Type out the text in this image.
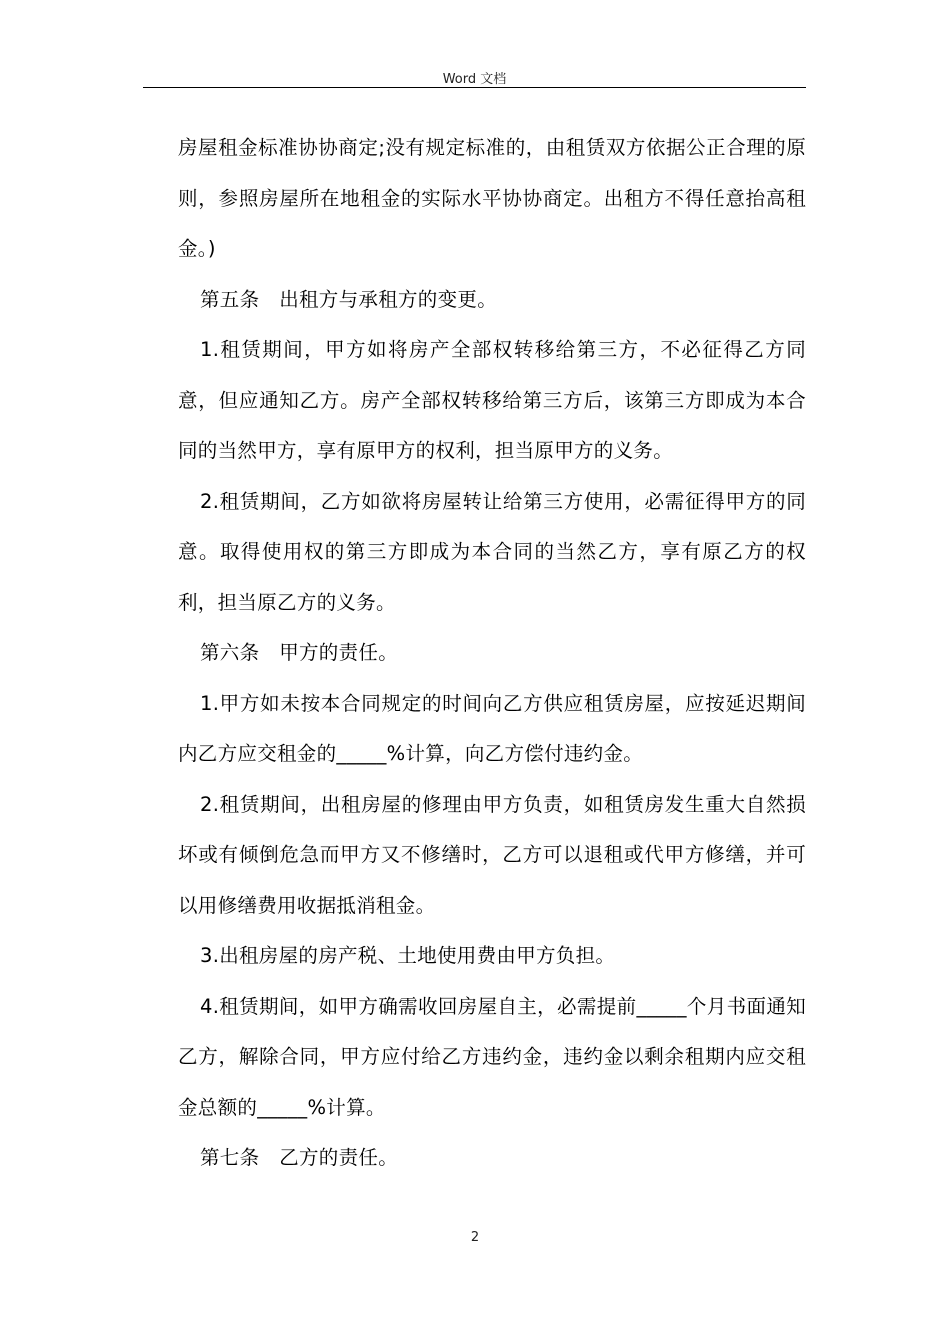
Word 文档

房屋租金标准协协商定;没有规定标准的，由租赁双方依据公正合理的原则，参照房屋所在地租金的实际水平协协商定。出租方不得任意抬高租金。)

第五条　出租方与承租方的变更。

1.租赁期间，甲方如将房产全部权转移给第三方，不必征得乙方同意，但应通知乙方。房产全部权转移给第三方后，该第三方即成为本合同的当然甲方，享有原甲方的权利，担当原甲方的义务。

2.租赁期间，乙方如欲将房屋转让给第三方使用，必需征得甲方的同意。取得使用权的第三方即成为本合同的当然乙方，享有原乙方的权利，担当原乙方的义务。

第六条　甲方的责任。

1.甲方如未按本合同规定的时间向乙方供应租赁房屋，应按延迟期间内乙方应交租金的_____%计算，向乙方偿付违约金。

2.租赁期间，出租房屋的修理由甲方负责，如租赁房发生重大自然损坏或有倾倒危急而甲方又不修缮时，乙方可以退租或代甲方修缮，并可以用修缮费用收据抵消租金。

3.出租房屋的房产税、土地使用费由甲方负担。

4.租赁期间，如甲方确需收回房屋自主，必需提前_____个月书面通知乙方，解除合同，甲方应付给乙方违约金，违约金以剩余租期内应交租金总额的_____%计算。

第七条　乙方的责任。

2
